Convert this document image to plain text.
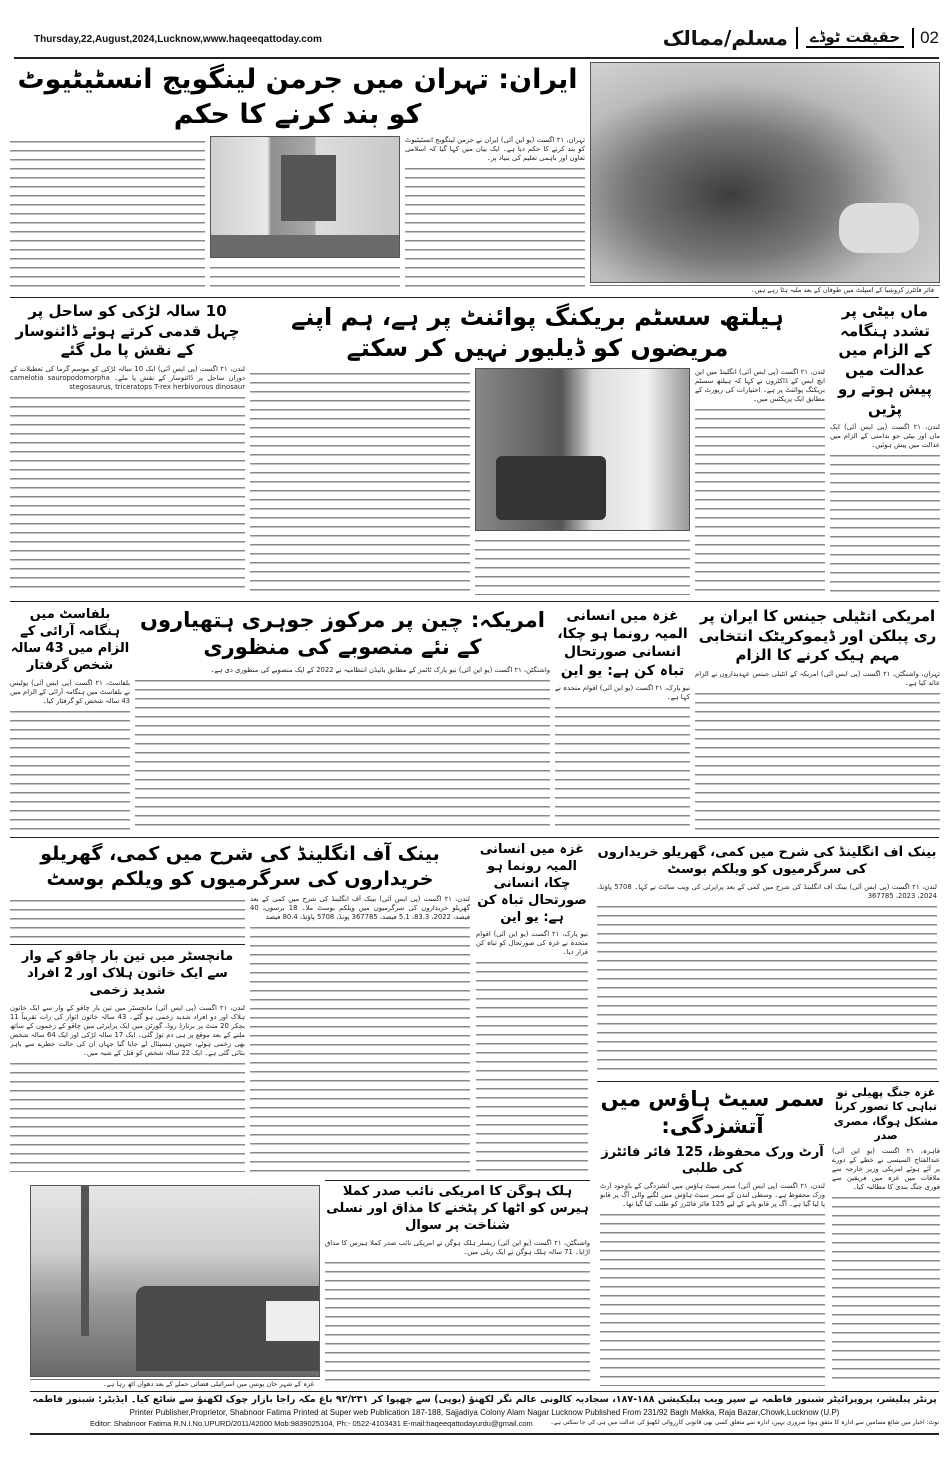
Thursday,22,August,2024,Lucknow,www.haqeeqattoday.com	02
حقیقت ٹوڈے
مسلم/ممالک
ایران: تہران میں جرمن لینگویج انسٹیٹیوٹ کو بند کرنے کا حکم
تہران، ۲۱ اگست (یو این آئی) ایران نے جرمن لینگویج انسٹیٹیوٹ کو بند کرنے کا حکم دیا ہے۔ ایک بیان میں کہا گیا کہ اسلامی تعاون اور باہمی تعلیم کی بنیاد پر۔
فائر فائٹرز کروشیا کے اسپلٹ میں طوفان کے بعد ملبہ ہٹا رہے ہیں۔
ماں بیٹی پر تشدد ہنگامہ کے الزام میں عدالت میں پیش ہوتے رو پڑیں
لندن، ۲۱ اگست (پی ایس آئی) ایک ماں اور بیٹی جو بدامنی کے الزام میں عدالت میں پیش ہوئیں۔
ہیلتھ سسٹم بریکنگ پوائنٹ پر ہے، ہم اپنے مریضوں کو ڈیلیور نہیں کر سکتے
لندن، ۲۱ اگست (پی ایس آئی) انگلینڈ میں این ایچ ایس کے ڈاکٹروں نے کہا کہ ہیلتھ سسٹم بریکنگ پوائنٹ پر ہے۔ اختیارات کی رپورٹ کے مطابق ایک پریکٹس میں۔
10 سالہ لڑکی کو ساحل پر چہل قدمی کرتے ہوئے ڈائنوسار کے نقش پا مل گئے
لندن، ۲۱ اگست (پی ایس آئی) ایک 10 سالہ لڑکی کو موسم گرما کی تعطیلات کے دوران ساحل پر ڈائنوسار کے نقش پا ملے۔ camelotia sauropodomorpha stegosaurus, triceratops T-rex herbivorous dinosaur
امریکی انٹیلی جینس کا ایران پر ری پبلکن اور ڈیموکریٹک انتخابی مہم ہیک کرنے کا الزام
تہران، واشنگٹن، ۲۱ اگست (پی ایس آئی) امریکہ کے انٹیلی جینس عہدیداروں نے الزام عائد کیا ہے۔
غزہ میں انسانی المیہ رونما ہو چکا، انسانی صورتحال تباہ کن ہے: یو این
نیو یارک، ۲۱ اگست (یو این آئی) اقوام متحدہ نے کہا ہے۔
امریکہ: چین پر مرکوز جوہری ہتھیاروں کے نئے منصوبے کی منظوری
واشنگٹن، ۲۱ اگست (یو این آئی) نیو یارک ٹائمز کے مطابق بائیڈن انتظامیہ نے 2022 کے ایک منصوبے کی منظوری دی ہے۔
بلفاسٹ میں ہنگامہ آرائی کے الزام میں 43 سالہ شخص گرفتار
بلفاسٹ، ۲۱ اگست (پی ایس آئی) پولیس نے بلفاسٹ میں ہنگامہ آرائی کے الزام میں 43 سالہ شخص کو گرفتار کیا۔
بینک آف انگلینڈ کی شرح میں کمی، گھریلو خریداروں کی سرگرمیوں کو ویلکم بوسٹ
لندن، ۲۱ اگست (پی ایس آئی) بینک آف انگلینڈ کی شرح میں کمی کے بعد گھریلو خریداروں کی سرگرمیوں میں ویلکم بوسٹ ملا۔ 18 برسوں، 40 فیصد، 2022، 83.3، 5.1 فیصد، 367785 پونڈ، 5708 پاؤنڈ، 80.4 فیصد
مانچسٹر میں تین بار چاقو کے وار سے ایک خاتون ہلاک اور 2 افراد شدید زخمی
لندن، ۲۱ اگست (پی ایس آئی) مانچسٹر میں تین بار چاقو کے وار سے ایک خاتون ہلاک اور دو افراد شدید زخمی ہو گئے۔ 43 سالہ خاتون اتوار کی رات تقریباً 11 بجکر 20 منٹ پر برنارڈ روڈ، گورٹن میں ایک پراپرٹی میں چاقو کے زخموں کے ساتھ ملنے کے بعد موقع پر ہی دم توڑ گئی۔ ایک 17 سالہ لڑکی اور ایک 64 سالہ شخص بھی زخمی ہوئے، جنہیں ہسپتال لے جایا گیا جہاں ان کی حالت خطرے سے باہر بتائی گئی ہے۔ ایک 22 سالہ شخص کو قتل کے شبہ میں۔
غزہ میں انسانی المیہ رونما ہو چکا، انسانی صورتحال تباہ کن ہے: یو این
نیو یارک، ۲۱ اگست (یو این آئی) اقوام متحدہ نے غزہ کی صورتحال کو تباہ کن قرار دیا۔
بینک آف انگلینڈ کی شرح میں کمی، گھریلو خریداروں کی سرگرمیوں کو ویلکم بوسٹ
لندن، ۲۱ اگست (پی ایس آئی) بینک آف انگلینڈ کی شرح میں کمی کے بعد پراپرٹی کی ویب سائٹ نے کہا۔ 5708 پاؤنڈ، 2024، 2023، 367785
سمر سیٹ ہاؤس میں آتشزدگی:
آرٹ ورک محفوظ، 125 فائر فائٹرز کی طلبی
لندن، ۲۱ اگست (پی ایس آئی) سمر سیٹ ہاؤس میں آتشزدگی کے باوجود آرٹ ورک محفوظ ہے۔ وسطی لندن کے سمر سیٹ ہاؤس میں لگنے والی آگ پر قابو پا لیا گیا ہے۔ آگ پر قابو پانے کے لیے 125 فائر فائٹرز کو طلب کیا گیا تھا۔
غزہ جنگ پھیلی تو تباہی کا تصور کرنا مشکل ہوگا، مصری صدر
قاہرہ، ۲۱ اگست (یو این آئی) عبدالفتاح السیسی نے خطے کے دورے پر آئے ہوئے امریکی وزیر خارجہ سے ملاقات میں غزہ میں فریقین سے فوری جنگ بندی کا مطالبہ کیا۔
غزہ کے شہر خان یونس میں اسرائیلی فضائی حملے کے بعد دھواں اٹھ رہا ہے۔
ہلک ہوگن کا امریکی نائب صدر کملا ہیرس کو اٹھا کر پٹخنے کا مذاق اور نسلی شناخت پر سوال
واشنگٹن، ۲۱ اگست (یو این آئی) ریسلر ہلک ہوگن نے امریکی نائب صدر کملا ہیرس کا مذاق اڑایا۔ 71 سالہ ہلک ہوگن نے ایک ریلی میں۔
پرنٹر پبلیشر، پروپرائیٹر شبنور فاطمہ نے سپر ویب پبلیکیشن ۱۸۸-۱۸۷، سجادیہ کالونی عالم نگر لکھنؤ (یوپی) سے چھپوا کر ۹۲/۲۳۱ باغ مکہ راجا بازار چوک لکھنؤ سے شائع کیا۔ ایڈیٹر: شبنور فاطمہ
Printer Publisher,Proprietor, Shabnoor Fatima Printed at Super web Publication 187-188, Sajjadiya Colony Alam Nagar Lucknow Published From 231/92 Bagh Makka, Raja Bazar,Chowk,Lucknow (U.P)
Editor: Shabnoor Fatima R.N.I.No.UPURD/2011/42000 Mob:9839025104, Ph:- 0522-4103431 E-mail:haqeeqattodayurdu@gmail.com	نوٹ: اخبار میں شائع مضامین سے ادارہ کا متفق ہونا ضروری نہیں، ادارہ سے متعلق کسی بھی قانونی کارروائی لکھنؤ کی عدالت میں ہی کی جا سکتی ہے۔
